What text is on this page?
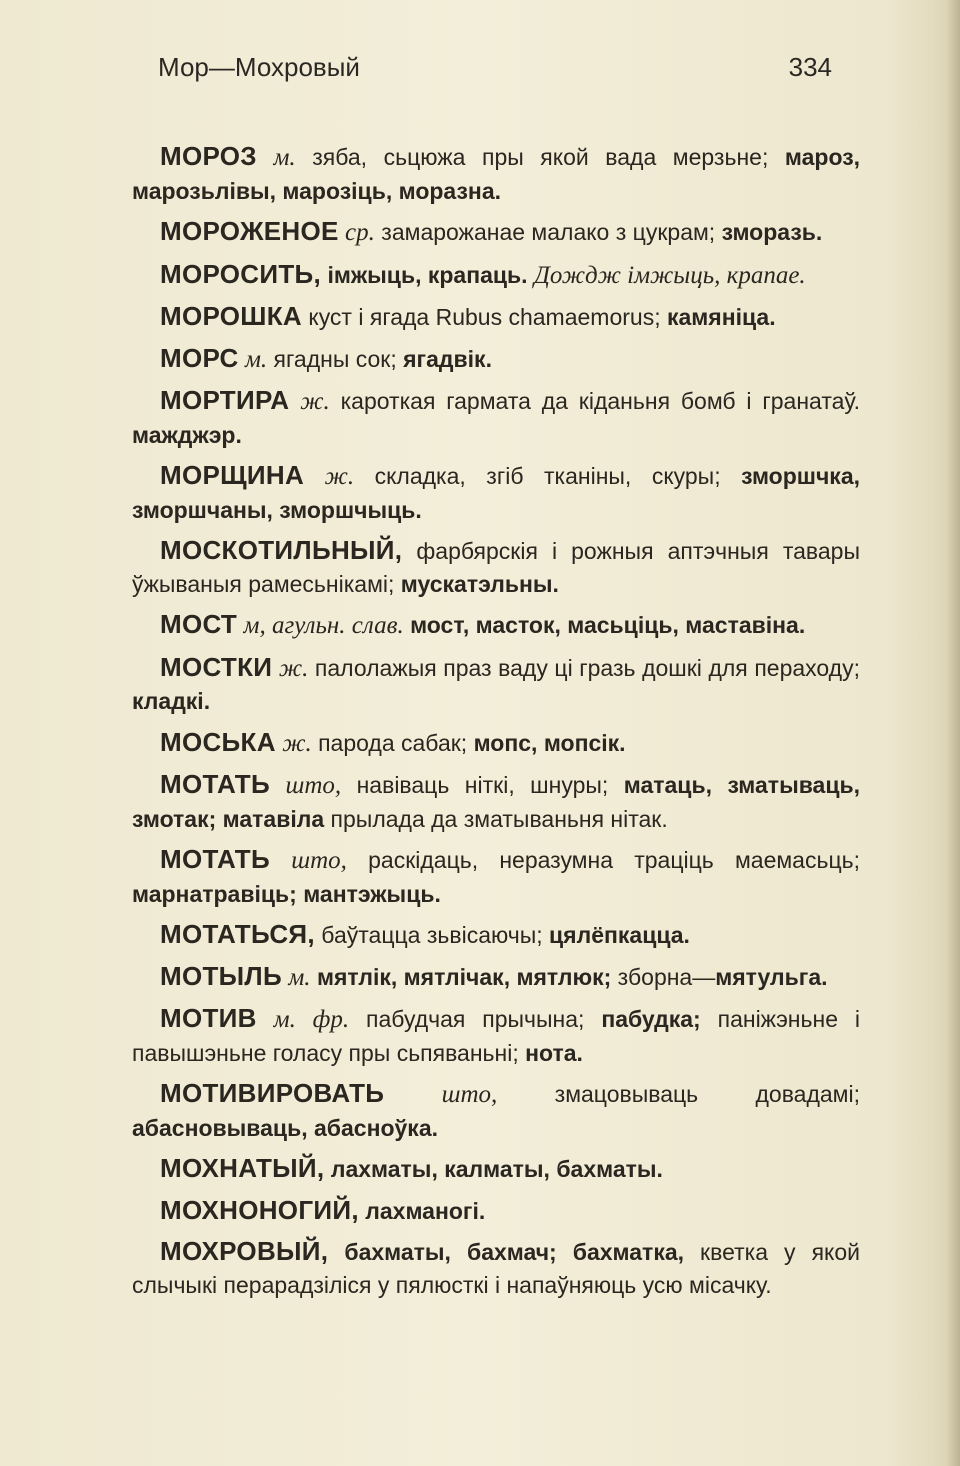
Мор—Мохровый	334

МОРОЗ м. зяба, сьцюжа пры якой вада мерзьне; мароз, марозьлівы, марозіць, моразна.

МОРОЖЕНОЕ ср. замарожанае малако з цукрам; зморазь.

МОРОСИТЬ, імжыць, крапаць. Дождж імжыць, крапае.

МОРОШКА куст і ягада Rubus chamaemorus; камяніца.

МОРС м. ягадны сок; ягадвік.

МОРТИРА ж. кароткая гармата да кіданьня бомб і гранатаў. мажджэр.

МОРЩИНА ж. складка, згіб тканіны, скуры; зморшчка, зморшчаны, зморшчыць.

МОСКОТИЛЬНЫЙ, фарбярскія і рожныя аптэчныя тавары ўжываныя рамесьнікамі; мускатэльны.

МОСТ м, агульн. слав. мост, масток, масьціць, маставіна.

МОСТКИ ж. палолажыя праз ваду ці гразь дошкі для пераходу; кладкі.

МОСЬКА ж. парода сабак; мопс, мопсік.

МОТАТЬ што, навіваць ніткі, шнуры; матаць, зматываць, змотак; матавіла прылада да зматываньня нітак.

МОТАТЬ што, раскідаць, неразумна траціць маемасьць; марнатравіць; мантэжыць.

МОТАТЬСЯ, баўтацца зьвісаючы; цялёпкацца.

МОТЫЛЬ м. мятлік, мятлічак, мятлюк; зборна—мятульга.

МОТИВ м. фр. пабудчая прычына; пабудка; паніжэньне і павышэньне голасу пры сьпяваньні; нота.

МОТИВИРОВАТЬ што, змацовываць довадамі; абасновываць, абасноўка.

МОХНАТЫЙ, лахматы, калматы, бахматы.

МОХНОНОГИЙ, лахманогі.

МОХРОВЫЙ, бахматы, бахмач; бахматка, кветка у якой слычыкі перарадзіліся у пялюсткі і напаўняюць усю місачку.
